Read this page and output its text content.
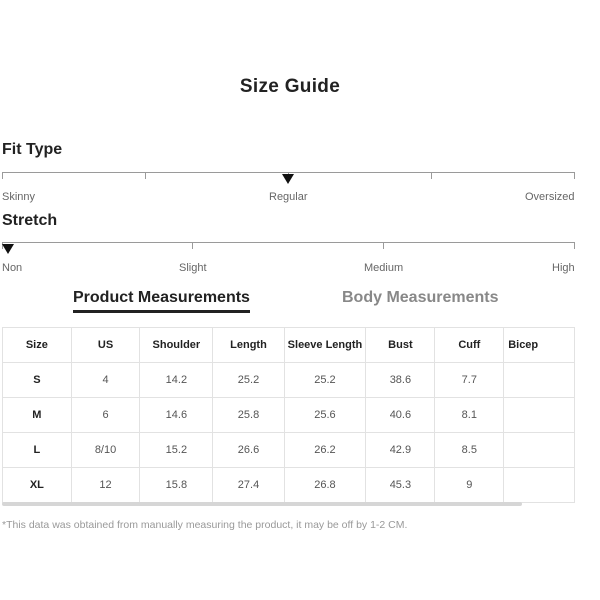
Size Guide
Fit Type
Skinny	Regular	Oversized
Stretch
Non	Slight	Medium	High
Product Measurements	Body Measurements
Size	US	Shoulder	Length	Sleeve Length	Bust	Cuff	Bicep
S	4	14.2	25.2	25.2	38.6	7.7	
M	6	14.6	25.8	25.6	40.6	8.1	
L	8/10	15.2	26.6	26.2	42.9	8.5	
XL	12	15.8	27.4	26.8	45.3	9	
*This data was obtained from manually measuring the product, it may be off by 1-2 CM.
